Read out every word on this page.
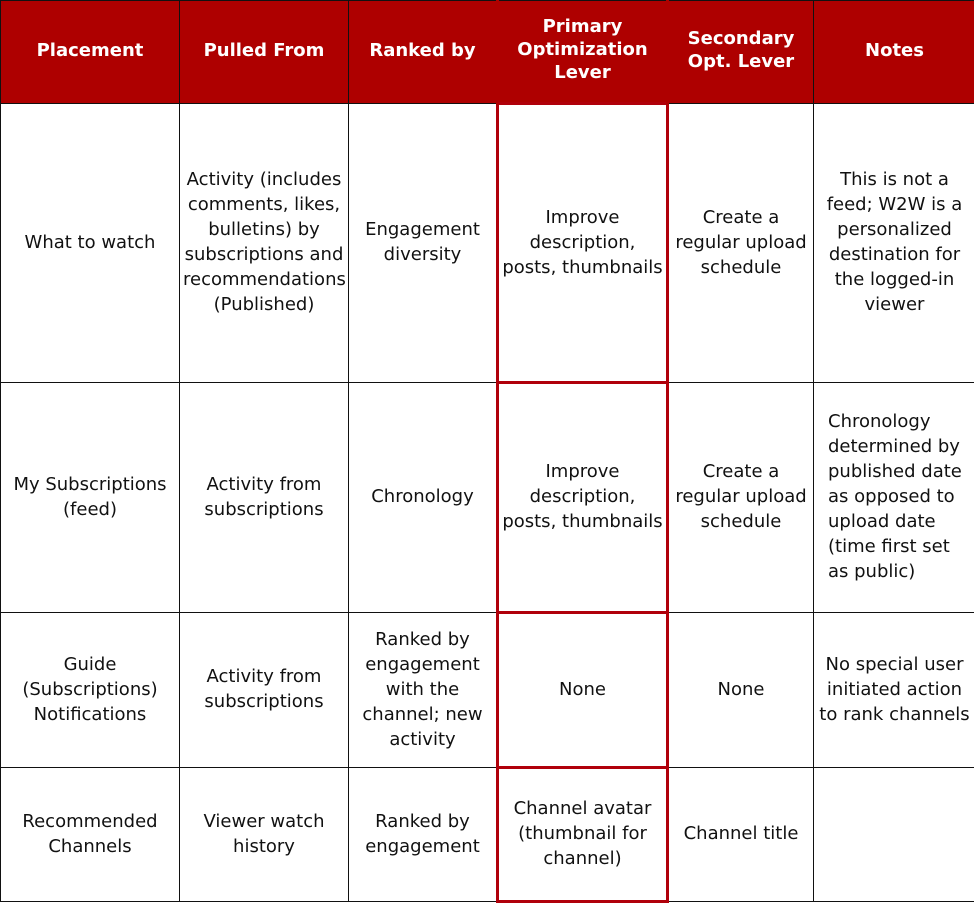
Placement	Pulled From	Ranked by	Primary Optimization Lever	Secondary Opt. Lever	Notes
What to watch	Activity (includes comments, likes, bulletins) by subscriptions and recommendations (Published)	Engagement diversity	Improve description, posts, thumbnails	Create a regular upload schedule	This is not a feed; W2W is a personalized destination for the logged-in viewer
My Subscriptions (feed)	Activity from subscriptions	Chronology	Improve description, posts, thumbnails	Create a regular upload schedule	Chronology determined by published date as opposed to upload date (time first set as public)
Guide (Subscriptions) Notifications	Activity from subscriptions	Ranked by engagement with the channel; new activity	None	None	No special user initiated action to rank channels
Recommended Channels	Viewer watch history	Ranked by engagement	Channel avatar (thumbnail for channel)	Channel title	
